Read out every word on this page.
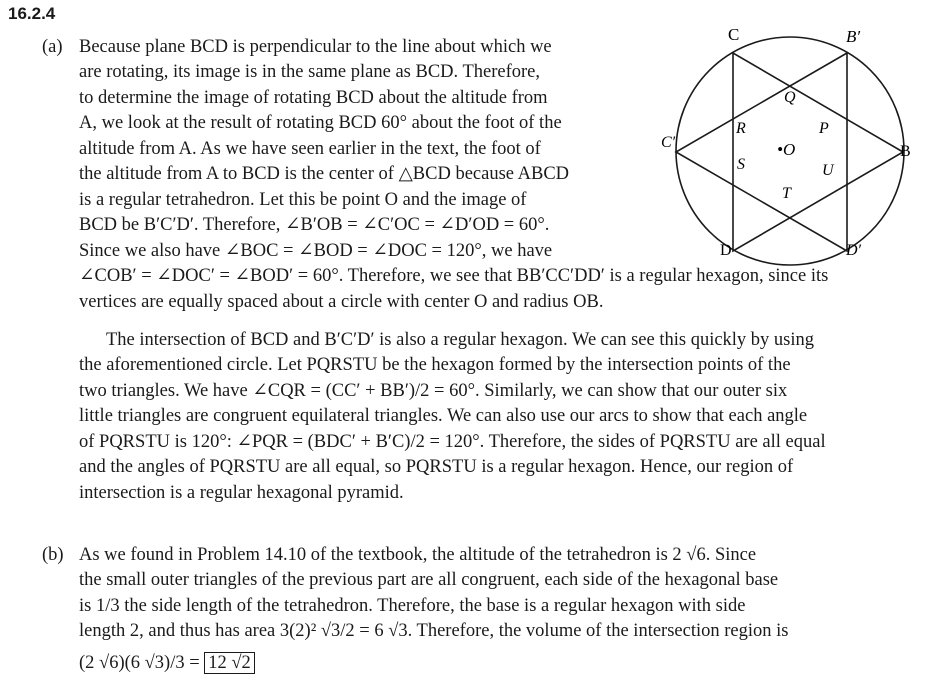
16.2.4
(a) Because plane BCD is perpendicular to the line about which we
are rotating, its image is in the same plane as BCD. Therefore,
to determine the image of rotating BCD about the altitude from
A, we look at the result of rotating BCD 60° about the foot of the
altitude from A. As we have seen earlier in the text, the foot of
the altitude from A to BCD is the center of △BCD because ABCD
is a regular tetrahedron. Let this be point O and the image of
BCD be B′C′D′. Therefore, ∠B′OB = ∠C′OC = ∠D′OD = 60°.
Since we also have ∠BOC = ∠BOD = ∠DOC = 120°, we have
∠COB′ = ∠DOC′ = ∠BOD′ = 60°. Therefore, we see that BB′CC′DD′ is a regular hexagon, since its
vertices are equally spaced about a circle with center O and radius OB.
The intersection of BCD and B′C′D′ is also a regular hexagon. We can see this quickly by using
the aforementioned circle. Let PQRSTU be the hexagon formed by the intersection points of the
two triangles. We have ∠CQR = (CC′ + BB′)/2 = 60°. Similarly, we can show that our outer six
little triangles are congruent equilateral triangles. We can also use our arcs to show that each angle
of PQRSTU is 120°: ∠PQR = (BDC′ + B′C)/2 = 120°. Therefore, the sides of PQRSTU are all equal
and the angles of PQRSTU are all equal, so PQRSTU is a regular hexagon. Hence, our region of
intersection is a regular hexagonal pyramid.
(b) As we found in Problem 14.10 of the textbook, the altitude of the tetrahedron is 2 √6. Since
the small outer triangles of the previous part are all congruent, each side of the hexagonal base
is 1/3 the side length of the tetrahedron. Therefore, the base is a regular hexagon with side
length 2, and thus has area 3(2)² √3/2 = 6 √3. Therefore, the volume of the intersection region is
(2 √6)(6 √3)/3 = 12 √2
C	B′
Q
R	P
C′	•O	B
S	U
T
D	D′
